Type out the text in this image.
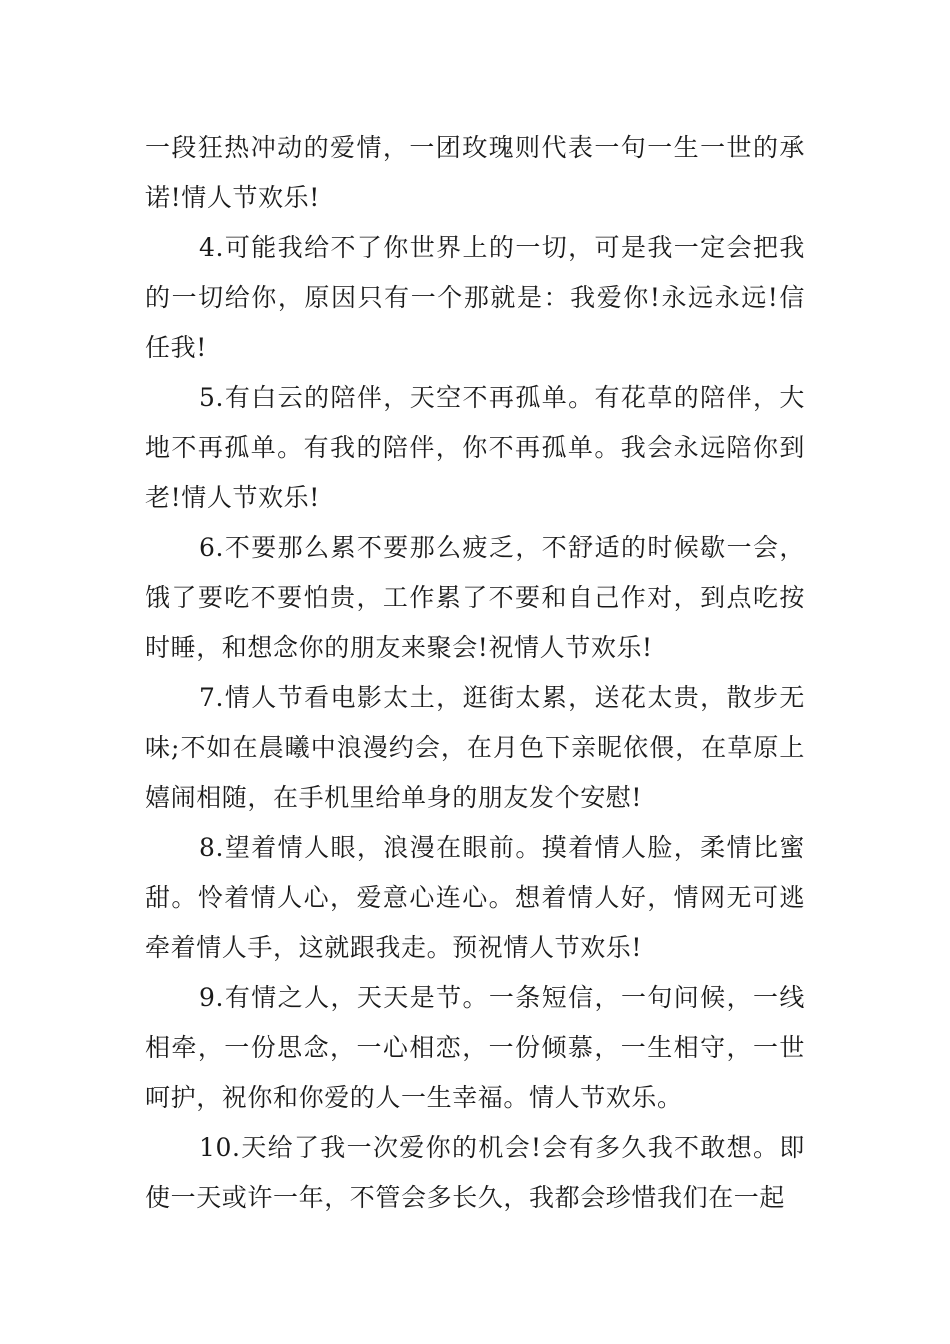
一段狂热冲动的爱情，一团玫瑰则代表一句一生一世的承诺!情人节欢乐!

4.可能我给不了你世界上的一切，可是我一定会把我的一切给你，原因只有一个那就是：我爱你!永远永远!信任我!

5.有白云的陪伴，天空不再孤单。有花草的陪伴，大地不再孤单。有我的陪伴，你不再孤单。我会永远陪你到老!情人节欢乐!

6.不要那么累不要那么疲乏，不舒适的时候歇一会，饿了要吃不要怕贵，工作累了不要和自己作对，到点吃按时睡，和想念你的朋友来聚会!祝情人节欢乐!

7.情人节看电影太土，逛街太累，送花太贵，散步无味;不如在晨曦中浪漫约会，在月色下亲昵依偎，在草原上嬉闹相随，在手机里给单身的朋友发个安慰!

8.望着情人眼，浪漫在眼前。摸着情人脸，柔情比蜜甜。怜着情人心，爱意心连心。想着情人好，情网无可逃牵着情人手，这就跟我走。预祝情人节欢乐!

9.有情之人，天天是节。一条短信，一句问候，一线相牵，一份思念，一心相恋，一份倾慕，一生相守，一世呵护，祝你和你爱的人一生幸福。情人节欢乐。

10.天给了我一次爱你的机会!会有多久我不敢想。即使一天或许一年，不管会多长久，我都会珍惜我们在一起
